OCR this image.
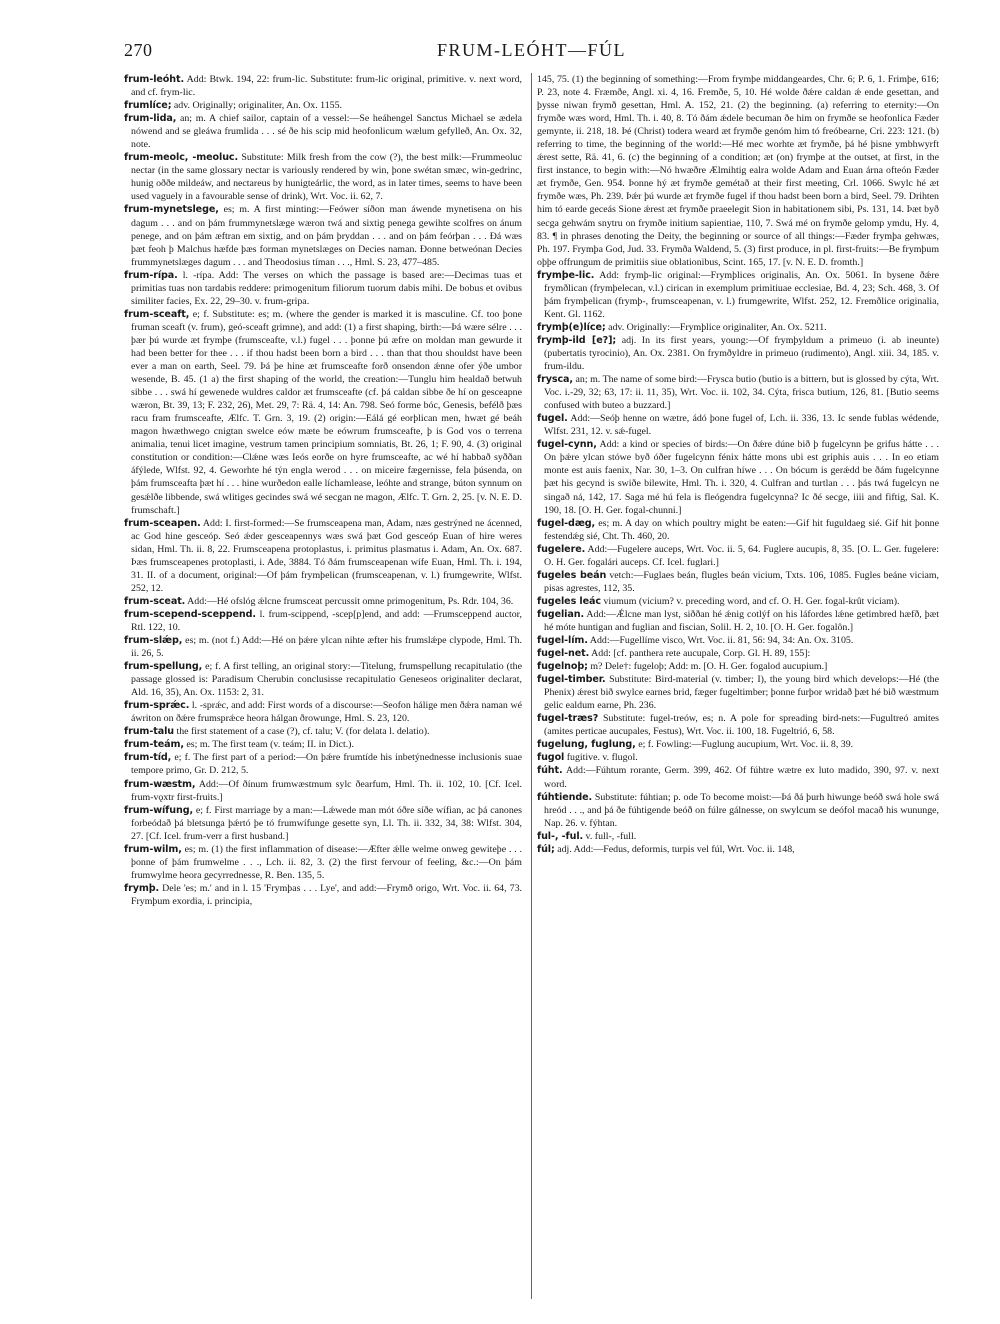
270	FRUM-LEÓHT—FÚL

frum-leóht. Add: Btwk. 194, 22: frum-lic. Substitute: frum-lic original, primitive. v. next word, and cf. frym-lic.

frumlíce; adv. Originally; originaliter, An. Ox. 1155.

frum-lida, an; m. A chief sailor, captain of a vessel:—Se heáhengel Sanctus Michael se ædela nówend and se gleáwa frumlida . . . sé ðe his scip mid heofonlicum wælum gefylleð, An. Ox. 32, note.

frum-meolc, -meoluc. Substitute: Milk fresh from the cow (?), the best milk:—Frummeoluc nectar (in the same glossary nectar is variously rendered by win, þone swétan smæc, win-gedrinc, hunig oððe mildeáw, and nectareus by hunigteárlic, the word, as in later times, seems to have been used vaguely in a favourable sense of drink), Wrt. Voc. ii. 62, 7.

frum-mynetslege, es; m. A first minting:—Feówer síðon man áwende mynetisena on his dagum . . . and on þám frummynetslæge wæron twá and sixtig penega gewihte scolfres on ánum penege, and on þám æftran em sixtig, and on þám þryddan . . . and on þám feórþan . . . Ðá wæs þæt feoh þ Malchus hæfde þæs forman mynetslæges on Decies naman. Ðonne betweónan Decies frummynetslæges dagum . . . and Theodosius tíman . . ., Hml. S. 23, 477–485.

frum-rípa. l. -rípa. Add: The verses on which the passage is based are:—Decimas tuas et primitias tuas non tardabis reddere: primogenitum filiorum tuorum dabis mihi. De bobus et ovibus similiter facies, Ex. 22, 29–30. v. frum-gripa.

frum-sceaft, e; f. Substitute: es; m. (where the gender is marked it is masculine. Cf. too þone fruman sceaft (v. frum), geó-sceaft grimne), and add: (1) a first shaping, birth:—Þá wære sélre . . . þær þú wurde æt frymþe (frumsceafte, v.l.) fugel . . . þonne þú æfre on moldan man gewurde it had been better for thee . . . if thou hadst been born a bird . . . than that thou shouldst have been ever a man on earth, Seel. 79. Þá þe hine æt frumsceafte forð onsendon ǽnne ofer ýðe umbor wesende, B. 45. (1 a) the first shaping of the world, the creation:—Tunglu him healdað betwuh sibbe . . . swá hí gewenede wuldres caldor æt frumsceafte (cf. þá caldan sibbe ðe hí on gesceapne wæron, Bt. 39, 13; F. 232, 26), Met. 29, 7: Rä. 4, 14: An. 798. Seó forme bóc, Genesis, befélð þæs racu fram frumsceafte, Ælfc. T. Grn. 3, 19. (2) origin:—Eálá gé eorþlican men, hwæt gé beáh magon hwæthwego cnigtan swelce eów mæte be eówrum frumsceafte, þ is God vos o terrena animalia, tenui licet imagine, vestrum tamen principium somniatis, Bt. 26, 1; F. 90, 4. (3) original constitution or condition:—Clǽne wæs Ieós eorðe on hyre frumsceafte, ac wé hí habbað syððan áfýlede, Wlfst. 92, 4. Geworhte hé týn engla werod . . . on miceire fægernisse, fela þúsenda, on þám frumsceafta þæt hí . . . hine wurðedon ealle líchamlease, leóhte and strange, búton synnum on gesǽlðe libbende, swá wlitiges gecindes swá wé secgan ne magon, Ælfc. T. Grn. 2, 25. [v. N. E. D. frumschaft.]

frum-sceapen. Add: I. first-formed:—Se frumsceapena man, Adam, næs gestrýned ne ácenned, ac God hine gesceóp. Seó ǽder gesceapennys wæs swá þæt God gesceóp Euan of hire weres sidan, Hml. Th. ii. 8, 22. Frumsceapena protoplastus, i. primitus plasmatus i. Adam, An. Ox. 687. Þæs frumsceapenes protoplasti, i. Ade, 3884. Tó ðám frumsceapenan wífe Euan, Hml. Th. i. 194, 31. II. of a document, original:—Of þám frymþelican (frumsceapenan, v. l.) frumgewrite, Wlfst. 252, 12.

frum-sceat. Add:—Hé ofslóg ǽlcne frumsceat percussit omne primogenitum, Ps. Rdr. 104, 36.

frum-scepend-sceppend. l. frum-scippend, -scep[p]end, and add: —Frumsceppend auctor, Rtl. 122, 10.

frum-slǽp, es; m. (not f.) Add:—Hé on þǽre ylcan nihte æfter his frumslǽpe clypode, Hml. Th. ii. 26, 5.

frum-spellung, e; f. A first telling, an original story:—Titelung, frumspellung recapitulatio (the passage glossed is: Paradisum Cherubin conclusisse recapitulatio Geneseos originaliter declarat, Ald. 16, 35), An. Ox. 1153: 2, 31.

frum-sprǽc. l. -sprǽc, and add: First words of a discourse:—Seofon hálige men ðǽra naman wé áwriton on ðǽre frumsprǽce heora hálgan ðrowunge, Hml. S. 23, 120.

frum-talu the first statement of a case (?), cf. talu; V. (for delata l. delatio).

frum-teám, es; m. The first team (v. teám; II. in Dict.).

frum-tíd, e; f. The first part of a period:—On þǽre frumtíde his inbetýnednesse inclusionis suae tempore primo, Gr. D. 212, 5.

frum-wæstm, Add:—Of ðínum frumwæstmum sylc ðearfum, Hml. Th. ii. 102, 10. [Cf. Icel. frum-vǫxtr first-fruits.]

frum-wífung, e; f. First marriage by a man:—Lǽwede man mót óðre síðe wífian, ac þá canones forbeódað þá bletsunga þǽrtó þe tó frumwífunge gesette syn, Ll. Th. ii. 332, 34, 38: Wlfst. 304, 27. [Cf. Icel. frum-verr a first husband.]

frum-wilm, es; m. (1) the first inflammation of disease:—Æfter ǽlle welme onweg gewiteþe . . . þonne of þám frumwelme . . ., Lch. ii. 82, 3. (2) the first fervour of feeling, &c.:—On þám frumwylme heora gecyrrednesse, R. Ben. 135, 5.

frymþ. Dele 'es; m.' and in l. 15 'Frymþas . . . Lye', and add:—Frymð origo, Wrt. Voc. ii. 64, 73. Frymþum exordia, i. principia,

145, 75. (1) the beginning of something:—From frymþe middangeardes, Chr. 6; P. 6, 1. Frimþe, 616; P. 23, note 4. Fræmðe, Angl. xi. 4, 16. Fremðe, 5, 10. Hé wolde ðǽre caldan ǽ ende gesettan, and þysse niwan frymð gesettan, Hml. A. 152, 21. (2) the beginning. (a) referring to eternity:—On frymðe wæs word, Hml. Th. i. 40, 8. Tó ðám ǽdele becuman ðe him on frymðe se heofonlica Fæder gemynte, ii. 218, 18. Þé (Christ) todera weard æt frymðe genóm him tó freóbearne, Cri. 223: 121. (b) referring to time, the beginning of the world:—Hé mec worhte æt frymðe, þá hé þisne ymbhwyrft ǽrest sette, Rä. 41, 6. (c) the beginning of a condition; æt (on) frymþe at the outset, at first, in the first instance, to begin with:—Nó hwæðre Ælmihtig ealra wolde Adam and Euan árna ofteón Fæder æt frymðe, Gen. 954. Þonne hý æt frymðe gemétað at their first meeting, Crl. 1066. Swylc hé æt frymðe wæs, Ph. 239. Þǽr þú wurde æt frymðe fugel if thou hadst been born a bird, Seel. 79. Drihten him tó earde geceás Sione ǽrest æt frymðe praeelegit Sion in habitationem sibi, Ps. 131, 14. Þæt byð secga gehwám snytru on frymðe initium sapientiae, 110, 7. Swá mé on frymðe gelomp ymdu, Hy. 4, 83. ¶ in phrases denoting the Deity, the beginning or source of all things:—Fæder frymþa gehwæs, Ph. 197. Frymþa God, Jud. 33. Frymða Waldend, 5. (3) first produce, in pl. first-fruits:—Be frymþum oþþe offrungum de primitiis siue oblationibus, Scint. 165, 17. [v. N. E. D. fromth.]

frymþe-lic. Add: frymþ-lic original:—Frymþlices originalis, An. Ox. 5061. In bysene ðǽre frymðlican (frymþelecan, v.l.) cirican in exemplum primitiuae ecclesiae, Bd. 4, 23; Sch. 468, 3. Of þám frymþelican (frymþ-, frumsceapenan, v. l.) frumgewrite, Wlfst. 252, 12. Fremðlice originalia, Kent. Gl. 1162.

frymþ(e)líce; adv. Originally:—Frymþlice originaliter, An. Ox. 5211.

frymþ-ild [e?]; adj. In its first years, young:—Of frymþyldum a primeuo (i. ab ineunte) (pubertatis tyrocinio), An. Ox. 2381. On frymðyldre in primeuo (rudimento), Angl. xiii. 34, 185. v. frum-ildu.

frysca, an; m. The name of some bird:—Frysca butio (butio is a bittern, but is glossed by cýta, Wrt. Voc. i.-29, 32; 63, 17: ii. 11, 35), Wrt. Voc. ii. 102, 34. Cýta, frisca butium, 126, 81. [Butio seems confused with buteo a buzzard.]

fugel. Add:—Seóþ henne on wætre, ádó þone fugel of, Lch. ii. 336, 13. Ic sende fublas wédende, Wlfst. 231, 12. v. sǽ-fugel.

fugel-cynn, Add: a kind or species of birds:—On ðǽre dúne bið þ fugelcynn þe grifus hátte . . . On þǽre ylcan stówe byð óðer fugelcynn fénix hátte mons ubi est griphis auis . . . In eo etiam monte est auis faenix, Nar. 30, 1–3. On culfran híwe . . . On bócum is gerǽdd be ðám fugelcynne þæt his gecynd is swiðe bilewite, Hml. Th. i. 320, 4. Culfran and turtlan . . . þás twá fugelcyn ne singað ná, 142, 17. Saga mé hú fela is fleógendra fugelcynna? Ic ðé secge, iiii and fiftig, Sal. K. 190, 18. [O. H. Ger. fogal-chunni.]

fugel-dæg, es; m. A day on which poultry might be eaten:—Gif hit fuguldaeg sié. Gif hit þonne festendǽg sié, Cht. Th. 460, 20.

fugelere. Add:—Fugelere auceps, Wrt. Voc. ii. 5, 64. Fuglere aucupis, 8, 35. [O. L. Ger. fugelere: O. H. Ger. fogalári auceps. Cf. Icel. fuglari.]

fugeles beán vetch:—Fuglaes beán, flugles beán vicium, Txts. 106, 1085. Fugles beáne viciam, pisas agrestes, 112, 35.

fugeles leác viumum (vicium? v. preceding word, and cf. O. H. Ger. fogal-krût viciam).

fugelian. Add:—Ǽlcne man lyst, siððan hé ǽnig cotlýf on his láfordes lǽne getimbred hæfð, þæt hé móte huntigan and fuglian and fiscian, Solil. H. 2, 10. [O. H. Ger. fogalôn.]

fugel-lím. Add:—Fugellíme visco, Wrt. Voc. ii. 81, 56: 94, 34: An. Ox. 3105.

fugel-net. Add: [cf. panthera rete aucupale, Corp. Gl. H. 89, 155]:

fugelnoþ; m? Dele†: fugeloþ; Add: m. [O. H. Ger. fogalod aucupium.]

fugel-timber. Substitute: Bird-material (v. timber; I), the young bird which develops:—Hé (the Phenix) ǽrest bið swylce earnes brid, fæger fugeltimber; þonne furþor wridað þæt hé bið wæstmum gelic ealdum earne, Ph. 236.

fugel-træs? Substitute: fugel-treów, es; n. A pole for spreading bird-nets:—Fugultreó amites (amites perticae aucupales, Festus), Wrt. Voc. ii. 100, 18. Fugeltrió, 6, 58.

fugelung, fuglung, e; f. Fowling:—Fuglung aucupium, Wrt. Voc. ii. 8, 39.

fugol fugitive. v. flugol.

fúht. Add:—Fúhtum rorante, Germ. 399, 462. Of fúhtre wætre ex luto madido, 390, 97. v. next word.

fúhtiende. Substitute: fúhtian; p. ode To become moist:—Þá ðá þurh hiwunge beóð swá hole swá hreód . . ., and þá ðe fúhtigende beóð on fúlre gálnesse, on swylcum se deófol macað his wununge, Nap. 26. v. fýhtan.

ful-, -ful. v. full-, -full.

fúl; adj. Add:—Fedus, deformis, turpis vel fúl, Wrt. Voc. ii. 148,
